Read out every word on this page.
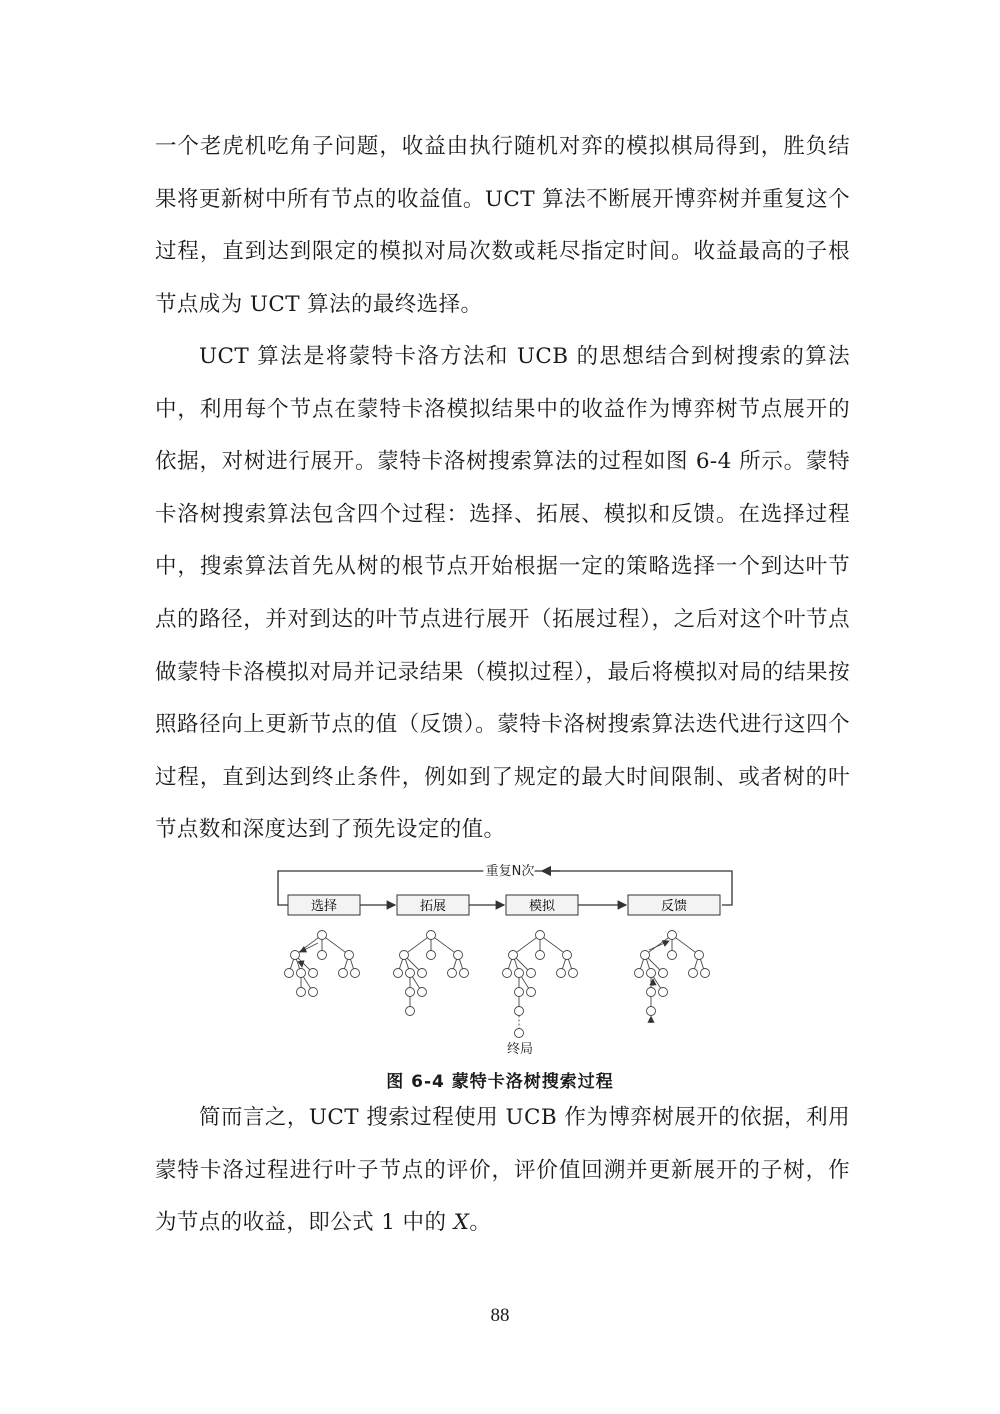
一个老虎机吃角子问题，收益由执行随机对弈的模拟棋局得到，胜负结果将更新树中所有节点的收益值。UCT 算法不断展开博弈树并重复这个过程，直到达到限定的模拟对局次数或耗尽指定时间。收益最高的子根节点成为 UCT 算法的最终选择。

UCT 算法是将蒙特卡洛方法和 UCB 的思想结合到树搜索的算法中，利用每个节点在蒙特卡洛模拟结果中的收益作为博弈树节点展开的依据，对树进行展开。蒙特卡洛树搜索算法的过程如图 6-4 所示。蒙特卡洛树搜索算法包含四个过程：选择、拓展、模拟和反馈。在选择过程中，搜索算法首先从树的根节点开始根据一定的策略选择一个到达叶节点的路径，并对到达的叶节点进行展开（拓展过程），之后对这个叶节点做蒙特卡洛模拟对局并记录结果（模拟过程），最后将模拟对局的结果按照路径向上更新节点的值（反馈）。蒙特卡洛树搜索算法迭代进行这四个过程，直到达到终止条件，例如到了规定的最大时间限制、或者树的叶节点数和深度达到了预先设定的值。

重复N次
选择	拓展	模拟	反馈
终局
图 6-4 蒙特卡洛树搜索过程

简而言之，UCT 搜索过程使用 UCB 作为博弈树展开的依据，利用蒙特卡洛过程进行叶子节点的评价，评价值回溯并更新展开的子树，作为节点的收益，即公式 1 中的 X。

88
